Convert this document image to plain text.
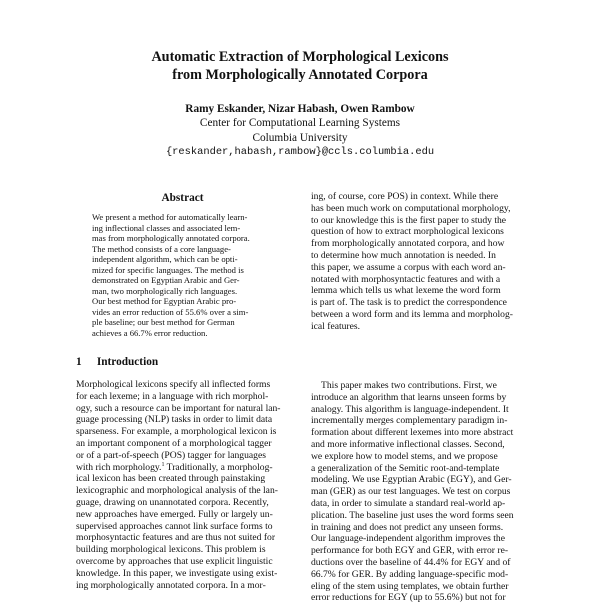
Automatic Extraction of Morphological Lexicons
from Morphologically Annotated Corpora
Ramy Eskander, Nizar Habash, Owen Rambow
Center for Computational Learning Systems
Columbia University
{reskander,habash,rambow}@ccls.columbia.edu
Abstract
We present a method for automatically learn-
ing inflectional classes and associated lem-
mas from morphologically annotated corpora.
The method consists of a core language-
independent algorithm, which can be opti-
mized for specific languages. The method is
demonstrated on Egyptian Arabic and Ger-
man, two morphologically rich languages.
Our best method for Egyptian Arabic pro-
vides an error reduction of 55.6% over a sim-
ple baseline; our best method for German
achieves a 66.7% error reduction.
1 Introduction
Morphological lexicons specify all inflected forms
for each lexeme; in a language with rich morphol-
ogy, such a resource can be important for natural lan-
guage processing (NLP) tasks in order to limit data
sparseness. For example, a morphological lexicon is
an important component of a morphological tagger
or of a part-of-speech (POS) tagger for languages
with rich morphology.$^1$ Traditionally, a morpholog-
ical lexicon has been created through painstaking
lexicographic and morphological analysis of the lan-
guage, drawing on unannotated corpora. Recently,
new approaches have emerged. Fully or largely un-
supervised approaches cannot link surface forms to
morphosyntactic features and are thus not suited for
building morphological lexicons. This problem is
overcome by approaches that use explicit linguistic
knowledge. In this paper, we investigate using exist-
ing morphologically annotated corpora. In a mor-
ing, of course, core POS) in context. While there
has been much work on computational morphology,
to our knowledge this is the first paper to study the
question of how to extract morphological lexicons
from morphologically annotated corpora, and how
to determine how much annotation is needed. In
this paper, we assume a corpus with each word an-
notated with morphosyntactic features and with a
lemma which tells us what lexeme the word form
is part of. The task is to predict the correspondence
between a word form and its lemma and morpholog-
ical features.
This paper makes two contributions. First, we
introduce an algorithm that learns unseen forms by
analogy. This algorithm is language-independent. It
incrementally merges complementary paradigm in-
formation about different lexemes into more abstract
and more informative inflectional classes. Second,
we explore how to model stems, and we propose
a generalization of the Semitic root-and-template
modeling. We use Egyptian Arabic (EGY), and Ger-
man (GER) as our test languages. We test on corpus
data, in order to simulate a standard real-world ap-
plication. The baseline just uses the word forms seen
in training and does not predict any unseen forms.
Our language-independent algorithm improves the
performance for both EGY and GER, with error re-
ductions over the baseline of 44.4% for EGY and of
66.7% for GER. By adding language-specific mod-
eling of the stem using templates, we obtain further
error reductions for EGY (up to 55.6%) but not for
